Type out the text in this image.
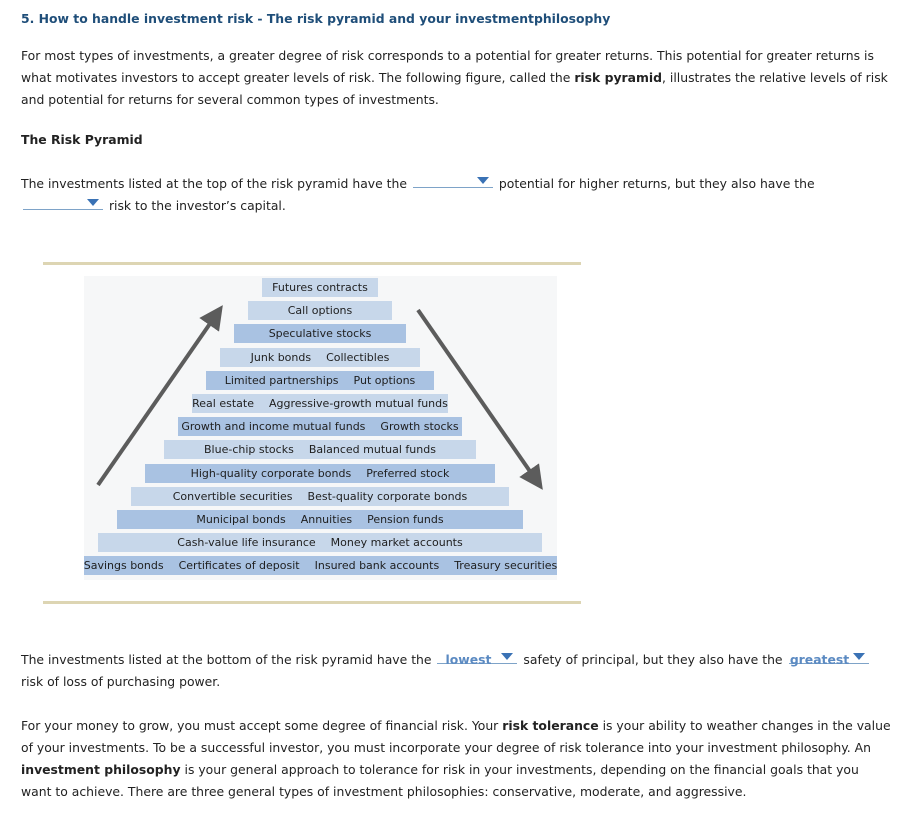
5. How to handle investment risk - The risk pyramid and your investmentphilosophy
For most types of investments, a greater degree of risk corresponds to a potential for greater returns. This potential for greater returns is what motivates investors to accept greater levels of risk. The following figure, called the risk pyramid, illustrates the relative levels of risk and potential for returns for several common types of investments.
The Risk Pyramid
The investments listed at the top of the risk pyramid have the	potential for higher returns, but they also have the
risk to the investor’s capital.
Futures contracts
Call options
Speculative stocks
Junk bonds Collectibles
Limited partnerships Put options
Real estate Aggressive-growth mutual funds
Growth and income mutual funds Growth stocks
Blue-chip stocks Balanced mutual funds
High-quality corporate bonds Preferred stock
Convertible securities Best-quality corporate bonds
Municipal bonds Annuities Pension funds
Cash-value life insurance Money market accounts
Savings bonds Certificates of deposit Insured bank accounts Treasury securities
The investments listed at the bottom of the risk pyramid have the lowest
safety of principal, but they also have the greatest
risk of loss of purchasing power.
For your money to grow, you must accept some degree of financial risk. Your risk tolerance is your ability to weather changes in the value of your investments. To be a successful investor, you must incorporate your degree of risk tolerance into your investment philosophy. An investment philosophy is your general approach to tolerance for risk in your investments, depending on the financial goals that you want to achieve. There are three general types of investment philosophies: conservative, moderate, and aggressive.
